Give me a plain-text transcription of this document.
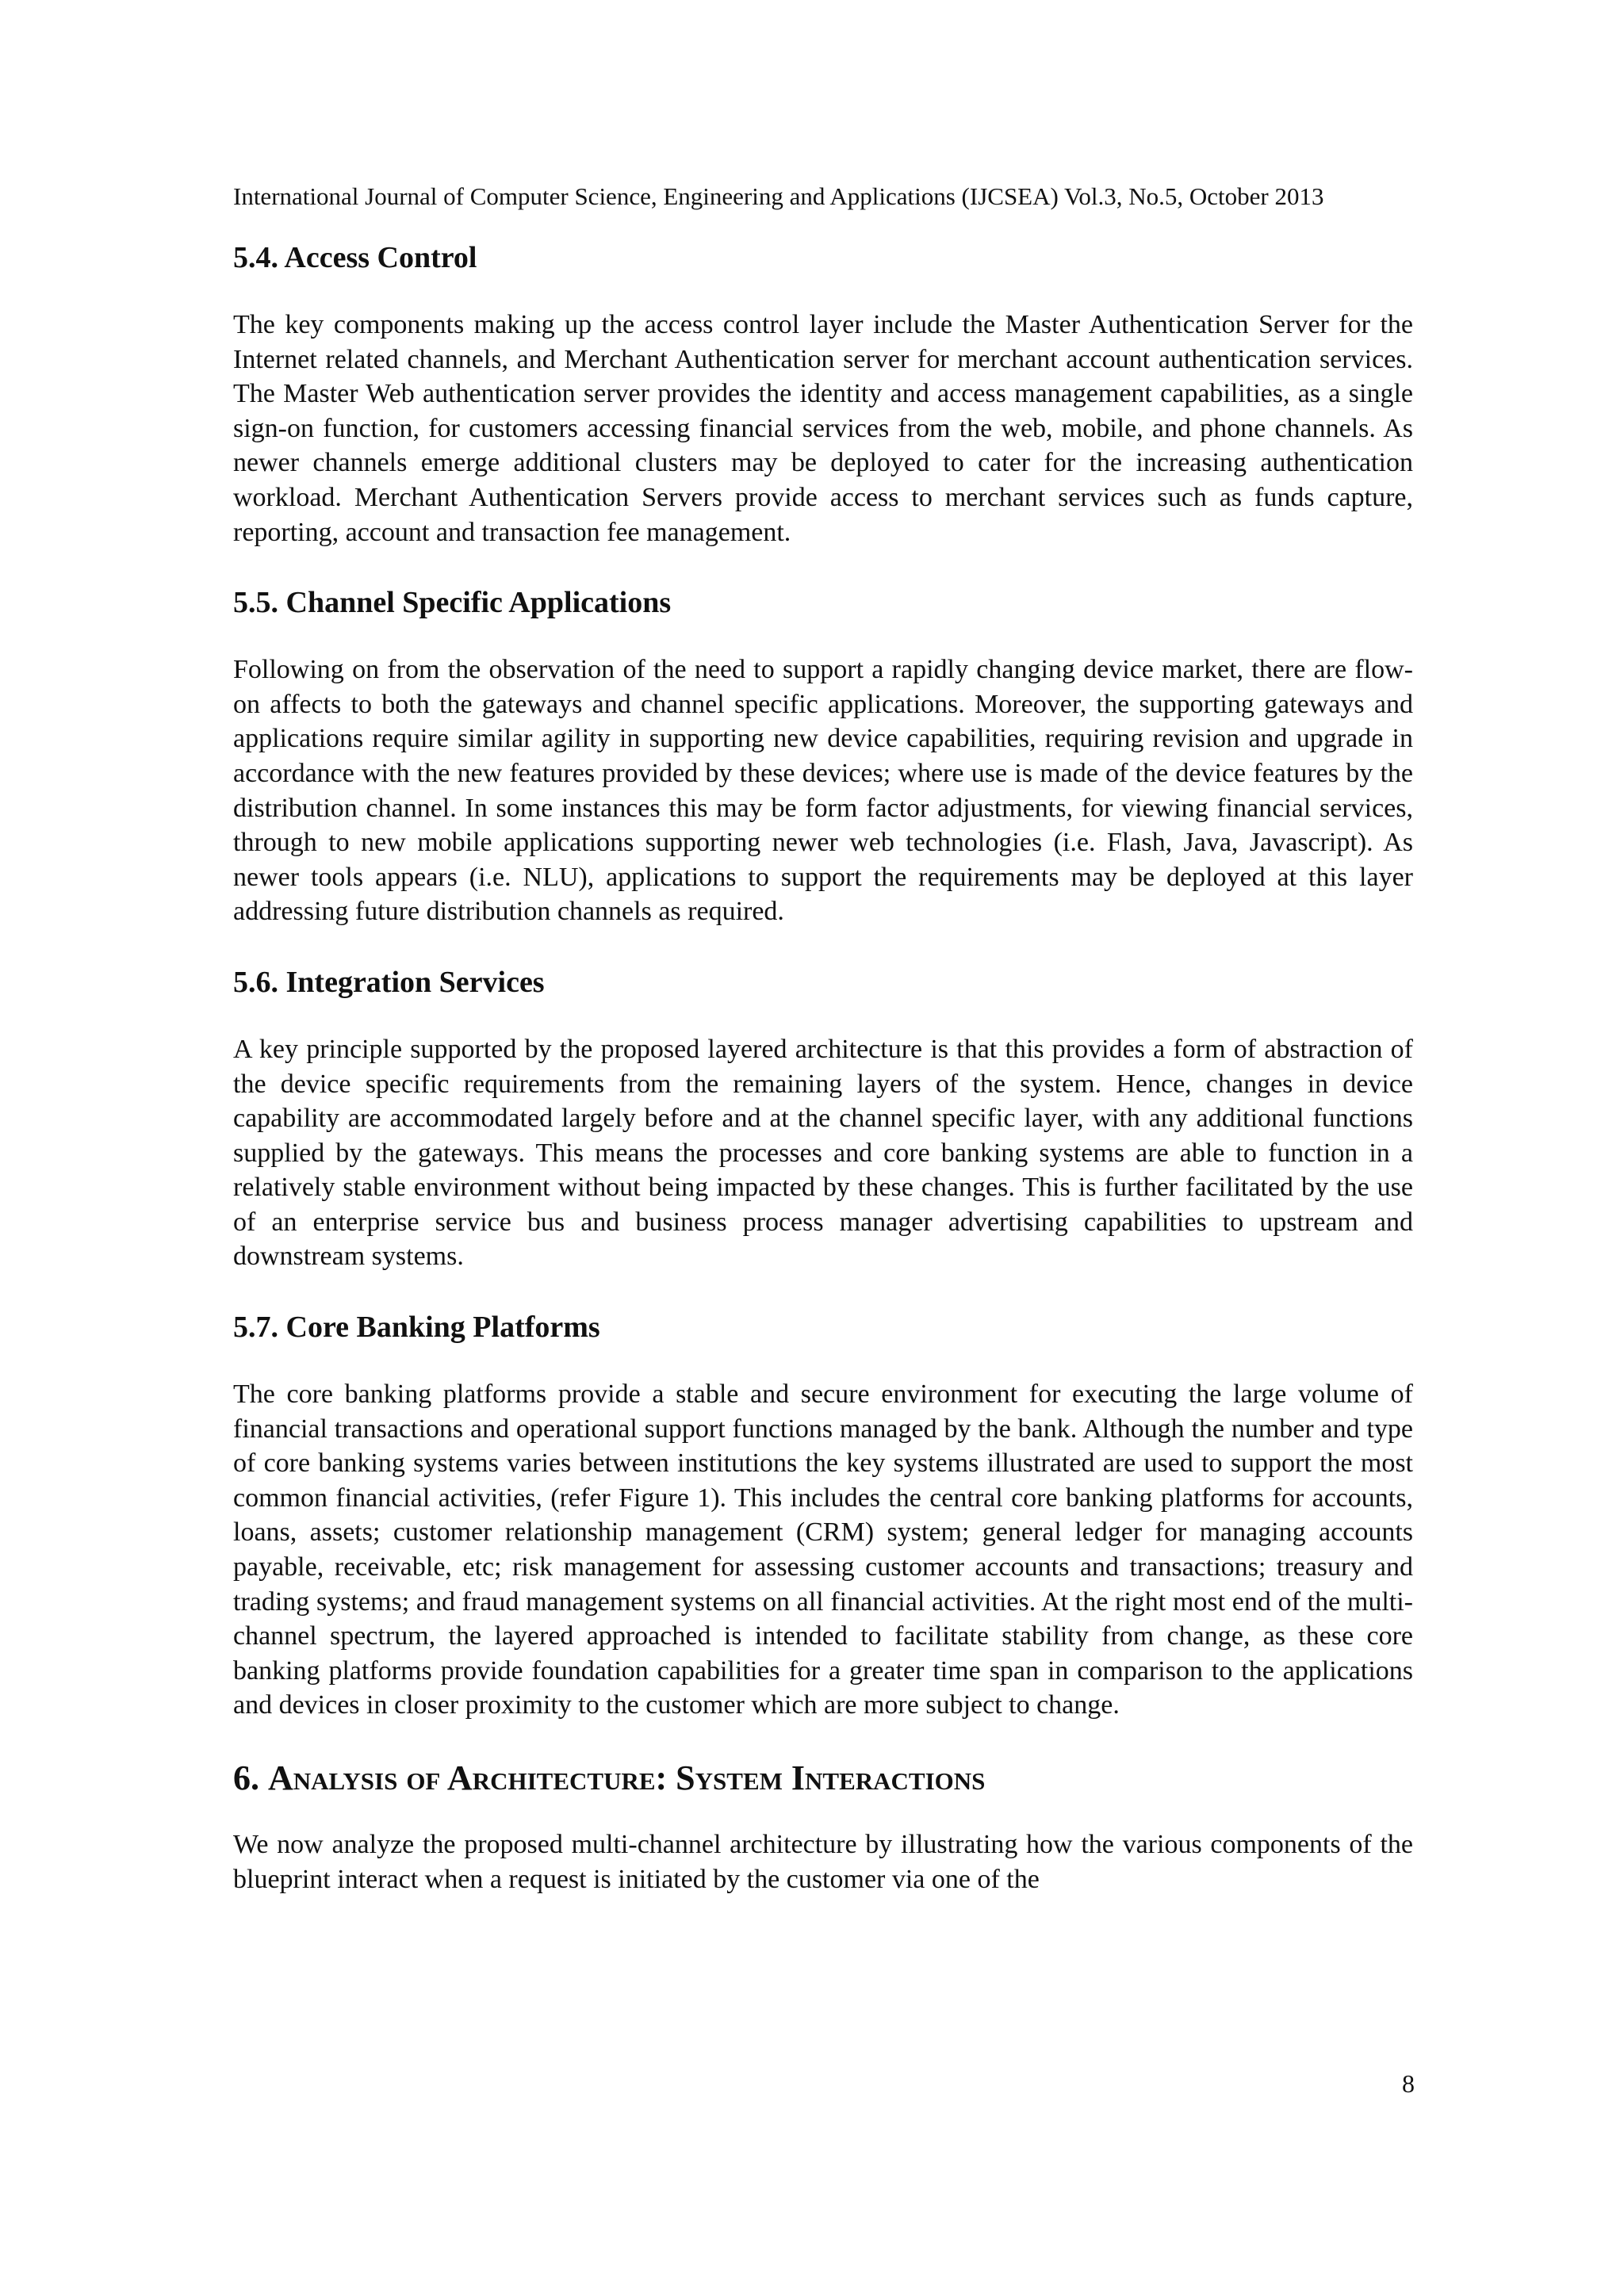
International Journal of Computer Science, Engineering and Applications (IJCSEA) Vol.3, No.5, October 2013
5.4. Access Control

The key components making up the access control layer include the Master Authentication Server for the Internet related channels, and Merchant Authentication server for merchant account authentication services. The Master Web authentication server provides the identity and access management capabilities, as a single sign-on function, for customers accessing financial services from the web, mobile, and phone channels. As newer channels emerge additional clusters may be deployed to cater for the increasing authentication workload. Merchant Authentication Servers provide access to merchant services such as funds capture, reporting, account and transaction fee management.

5.5. Channel Specific Applications

Following on from the observation of the need to support a rapidly changing device market, there are flow-on affects to both the gateways and channel specific applications. Moreover, the supporting gateways and applications require similar agility in supporting new device capabilities, requiring revision and upgrade in accordance with the new features provided by these devices; where use is made of the device features by the distribution channel. In some instances this may be form factor adjustments, for viewing financial services, through to new mobile applications supporting newer web technologies (i.e. Flash, Java, Javascript). As newer tools appears (i.e. NLU), applications to support the requirements may be deployed at this layer addressing future distribution channels as required.

5.6. Integration Services

A key principle supported by the proposed layered architecture is that this provides a form of abstraction of the device specific requirements from the remaining layers of the system. Hence, changes in device capability are accommodated largely before and at the channel specific layer, with any additional functions supplied by the gateways. This means the processes and core banking systems are able to function in a relatively stable environment without being impacted by these changes. This is further facilitated by the use of an enterprise service bus and business process manager advertising capabilities to upstream and downstream systems.

5.7. Core Banking Platforms

The core banking platforms provide a stable and secure environment for executing the large volume of financial transactions and operational support functions managed by the bank. Although the number and type of core banking systems varies between institutions the key systems illustrated are used to support the most common financial activities, (refer Figure 1). This includes the central core banking platforms for accounts, loans, assets; customer relationship management (CRM) system; general ledger for managing accounts payable, receivable, etc; risk management for assessing customer accounts and transactions; treasury and trading systems; and fraud management systems on all financial activities. At the right most end of the multi-channel spectrum, the layered approached is intended to facilitate stability from change, as these core banking platforms provide foundation capabilities for a greater time span in comparison to the applications and devices in closer proximity to the customer which are more subject to change.

6. Analysis of Architecture: System Interactions

We now analyze the proposed multi-channel architecture by illustrating how the various components of the blueprint interact when a request is initiated by the customer via one of the

8
